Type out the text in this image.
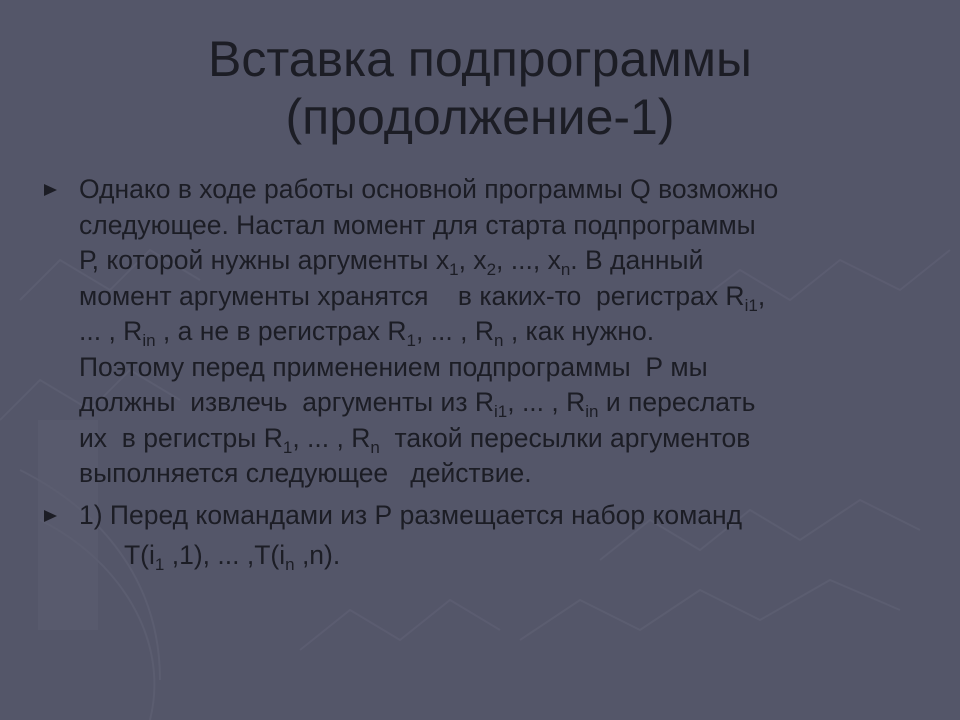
Вставка подпрограммы
(продолжение-1)
Однако в ходе работы основной программы Q возможно
следующее. Настал момент для старта подпрограммы
Р, которой нужны аргументы $x_1$, $x_2$, ..., $x_n$. В данный
момент аргументы хранятся    в каких-то  регистрах $R_{i1}$,
... , $R_{in}$ , а не в регистрах $R_1$, ... , $R_n$ , как нужно.
Поэтому перед применением подпрограммы  Р мы
должны  извлечь  аргументы из $R_{i1}$, ... , $R_{in}$ и переслать
их  в регистры $R_1$, ... , $R_n$  такой пересылки аргументов
выполняется следующее   действие.
1) Перед командами из Р размещается набор команд
$T(i_1$ ,1), ... $,T(i_n$ ,n).
